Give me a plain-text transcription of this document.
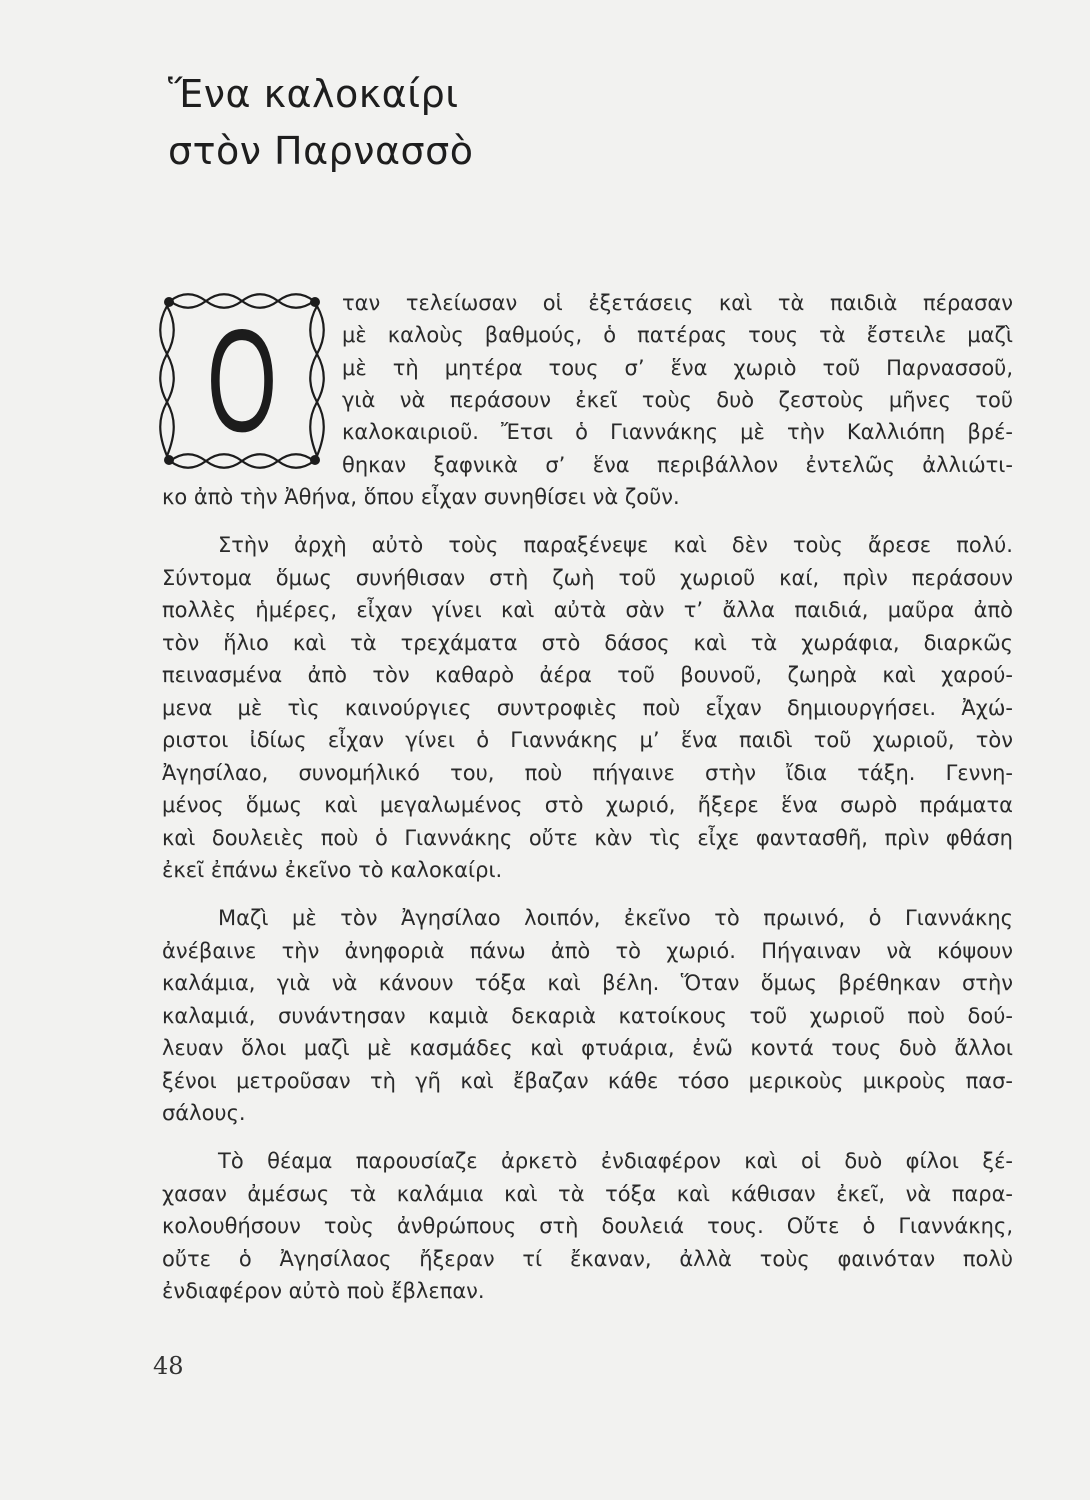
Ἕνα καλοκαίρι
στὸν Παρνασσὸ
Ο	ταν τελείωσαν οἱ ἐξετάσεις καὶ τὰ παιδιὰ πέρασαν
μὲ καλοὺς βαθμούς, ὁ πατέρας τους τὰ ἔστειλε μαζὶ
μὲ τὴ μητέρα τους σ’ ἕνα χωριὸ τοῦ Παρνασσοῦ,
γιὰ νὰ περάσουν ἐκεῖ τοὺς δυὸ ζεστοὺς μῆνες τοῦ
καλοκαιριοῦ. Ἔτσι ὁ Γιαννάκης μὲ τὴν Καλλιόπη βρέ-
θηκαν ξαφνικὰ σ’ ἕνα περιβάλλον ἐντελῶς ἀλλιώτι-
κο ἀπὸ τὴν Ἀθήνα, ὅπου εἶχαν συνηθίσει νὰ ζοῦν.
Στὴν ἀρχὴ αὐτὸ τοὺς παραξένεψε καὶ δὲν τοὺς ἄρεσε πολύ.
Σύντομα ὅμως συνήθισαν στὴ ζωὴ τοῦ χωριοῦ καί, πρὶν περάσουν
πολλὲς ἡμέρες, εἶχαν γίνει καὶ αὐτὰ σὰν τ’ ἄλλα παιδιά, μαῦρα ἀπὸ
τὸν ἥλιο καὶ τὰ τρεχάματα στὸ δάσος καὶ τὰ χωράφια, διαρκῶς
πεινασμένα ἀπὸ τὸν καθαρὸ ἀέρα τοῦ βουνοῦ, ζωηρὰ καὶ χαρού-
μενα μὲ τὶς καινούργιες συντροφιὲς ποὺ εἶχαν δημιουργήσει. Ἀχώ-
ριστοι ἰδίως εἶχαν γίνει ὁ Γιαννάκης μ’ ἕνα παιδὶ τοῦ χωριοῦ, τὸν
Ἀγησίλαο, συνομήλικό του, ποὺ πήγαινε στὴν ἴδια τάξη. Γεννη-
μένος ὅμως καὶ μεγαλωμένος στὸ χωριό, ἤξερε ἕνα σωρὸ πράματα
καὶ δουλειὲς ποὺ ὁ Γιαννάκης οὔτε κὰν τὶς εἶχε φαντασθῆ, πρὶν φθάση
ἐκεῖ ἐπάνω ἐκεῖνο τὸ καλοκαίρι.
Μαζὶ μὲ τὸν Ἀγησίλαο λοιπόν, ἐκεῖνο τὸ πρωινό, ὁ Γιαννάκης
ἀνέβαινε τὴν ἀνηφοριὰ πάνω ἀπὸ τὸ χωριό. Πήγαιναν νὰ κόψουν
καλάμια, γιὰ νὰ κάνουν τόξα καὶ βέλη. Ὅταν ὅμως βρέθηκαν στὴν
καλαμιά, συνάντησαν καμιὰ δεκαριὰ κατοίκους τοῦ χωριοῦ ποὺ δού-
λευαν ὅλοι μαζὶ μὲ κασμάδες καὶ φτυάρια, ἐνῶ κοντά τους δυὸ ἄλλοι
ξένοι μετροῦσαν τὴ γῆ καὶ ἔβαζαν κάθε τόσο μερικοὺς μικροὺς πασ-
σάλους.
Τὸ θέαμα παρουσίαζε ἀρκετὸ ἐνδιαφέρον καὶ οἱ δυὸ φίλοι ξέ-
χασαν ἀμέσως τὰ καλάμια καὶ τὰ τόξα καὶ κάθισαν ἐκεῖ, νὰ παρα-
κολουθήσουν τοὺς ἀνθρώπους στὴ δουλειά τους. Οὔτε ὁ Γιαννάκης,
οὔτε ὁ Ἀγησίλαος ἤξεραν τί ἔκαναν, ἀλλὰ τοὺς φαινόταν πολὺ
ἐνδιαφέρον αὐτὸ ποὺ ἔβλεπαν.
48
